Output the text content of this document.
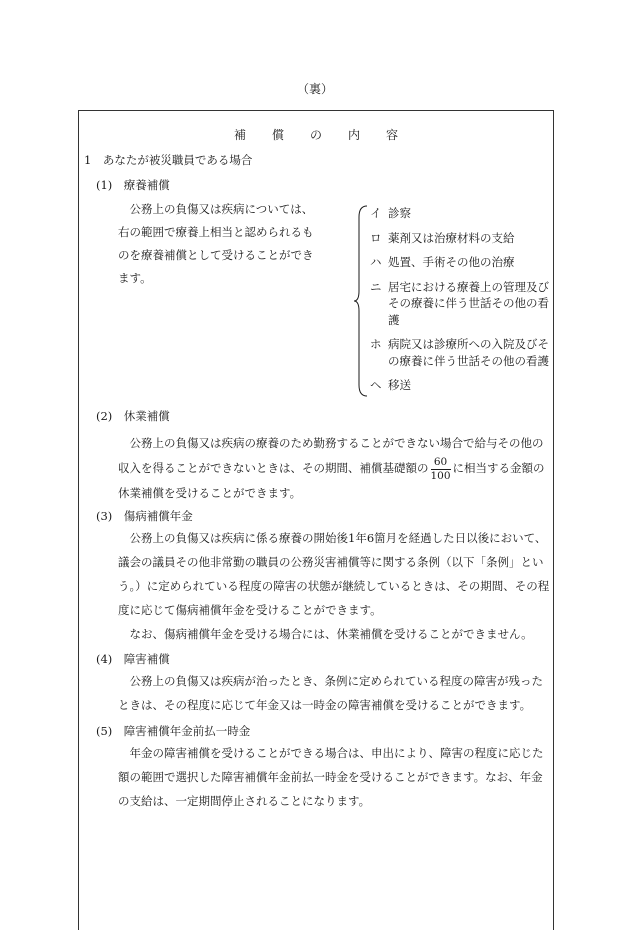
（裏）
補償の内容
1　あなたが被災職員である場合
(1)　療養補償
　公務上の負傷又は疾病については、
右の範囲で療養上相当と認められるも
のを療養補償として受けることができ
ます。
イ 診察
ロ 薬剤又は治療材料の支給
ハ 処置、手術その他の治療
ニ 居宅における療養上の管理及びその療養に伴う世話その他の看護
ホ 病院又は診療所への入院及びその療養に伴う世話その他の看護
ヘ 移送
(2)　休業補償
　公務上の負傷又は疾病の療養のため勤務することができない場合で給与その他の
収入を得ることができないときは、その期間、補償基礎額の $\frac{60}{100}$ に相当する金額の
休業補償を受けることができます。
(3)　傷病補償年金
　公務上の負傷又は疾病に係る療養の開始後1年6箇月を経過した日以後において、
議会の議員その他非常勤の職員の公務災害補償等に関する条例（以下「条例」とい
う。）に定められている程度の障害の状態が継続しているときは、その期間、その程
度に応じて傷病補償年金を受けることができます。
　なお、傷病補償年金を受ける場合には、休業補償を受けることができません。
(4)　障害補償
　公務上の負傷又は疾病が治ったとき、条例に定められている程度の障害が残った
ときは、その程度に応じて年金又は一時金の障害補償を受けることができます。
(5)　障害補償年金前払一時金
　年金の障害補償を受けることができる場合は、申出により、障害の程度に応じた
額の範囲で選択した障害補償年金前払一時金を受けることができます。なお、年金
の支給は、一定期間停止されることになります。
